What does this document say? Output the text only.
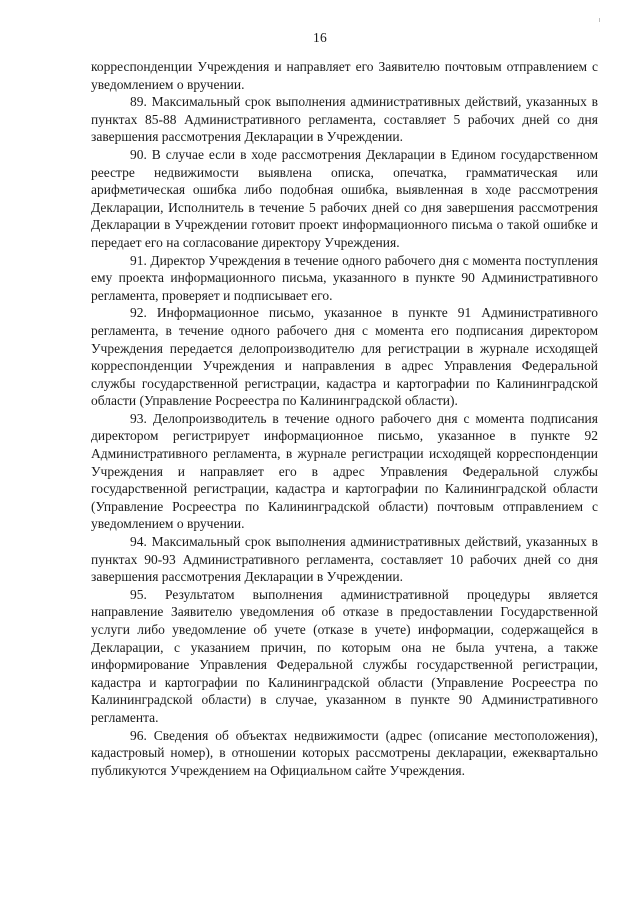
16

корреспонденции Учреждения и направляет его Заявителю почтовым отправлением с уведомлением о вручении.

89. Максимальный срок выполнения административных действий, указанных в пунктах 85-88 Административного регламента, составляет 5 рабочих дней со дня завершения рассмотрения Декларации в Учреждении.

90. В случае если в ходе рассмотрения Декларации в Едином государственном реестре недвижимости выявлена описка, опечатка, грамматическая или арифметическая ошибка либо подобная ошибка, выявленная в ходе рассмотрения Декларации, Исполнитель в течение 5 рабочих дней со дня завершения рассмотрения Декларации в Учреждении готовит проект информационного письма о такой ошибке и передает его на согласование директору Учреждения.

91. Директор Учреждения в течение одного рабочего дня с момента поступления ему проекта информационного письма, указанного в пункте 90 Административного регламента, проверяет и подписывает его.

92. Информационное письмо, указанное в пункте 91 Административного регламента, в течение одного рабочего дня с момента его подписания директором Учреждения передается делопроизводителю для регистрации в журнале исходящей корреспонденции Учреждения и направления в адрес Управления Федеральной службы государственной регистрации, кадастра и картографии по Калининградской области (Управление Росреестра по Калининградской области).

93. Делопроизводитель в течение одного рабочего дня с момента подписания директором регистрирует информационное письмо, указанное в пункте 92 Административного регламента, в журнале регистрации исходящей корреспонденции Учреждения и направляет его в адрес Управления Федеральной службы государственной регистрации, кадастра и картографии по Калининградской области (Управление Росреестра по Калининградской области) почтовым отправлением с уведомлением о вручении.

94. Максимальный срок выполнения административных действий, указанных в пунктах 90-93 Административного регламента, составляет 10 рабочих дней со дня завершения рассмотрения Декларации в Учреждении.

95. Результатом выполнения административной процедуры является направление Заявителю уведомления об отказе в предоставлении Государственной услуги либо уведомление об учете (отказе в учете) информации, содержащейся в Декларации, с указанием причин, по которым она не была учтена, а также информирование Управления Федеральной службы государственной регистрации, кадастра и картографии по Калининградской области (Управление Росреестра по Калининградской области) в случае, указанном в пункте 90 Административного регламента.

96. Сведения об объектах недвижимости (адрес (описание местоположения), кадастровый номер), в отношении которых рассмотрены декларации, ежеквартально публикуются Учреждением на Официальном сайте Учреждения.
